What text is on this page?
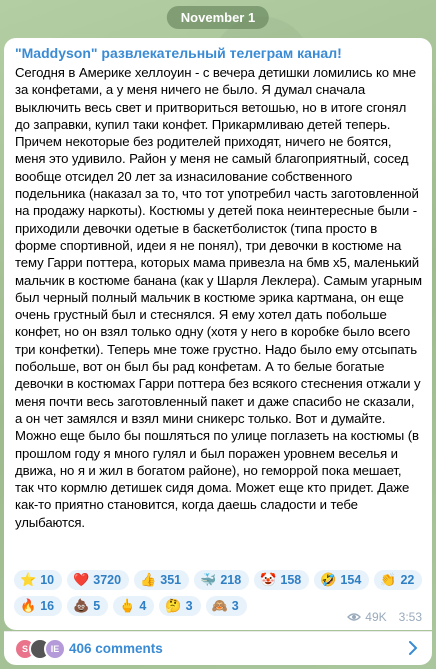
November 1
"Maddyson" развлекательный телеграм канал!
Сегодня в Америке хеллоуин - с вечера детишки ломились ко мне за конфетами, а у меня ничего не было. Я думал сначала выключить весь свет и притвориться ветошью, но в итоге сгонял до заправки, купил таки конфет. Прикармливаю детей теперь. Причем некоторые без родителей приходят, ничего не боятся, меня это удивило. Район у меня не самый благоприятный, сосед вообще отсидел 20 лет за изнасилование собственного подельника (наказал за то, что тот употребил часть заготовленной на продажу наркоты). Костюмы у детей пока неинтересные были - приходили девочки одетые в баскетболисток (типа просто в форме спортивной, идеи я не понял), три девочки в костюме на тему Гарри поттера, которых мама привезла на бмв х5, маленький мальчик в костюме банана (как у Шарля Леклера). Самым угарным был черный полный мальчик в костюме эрика картмана, он еще очень грустный был и стеснялся. Я ему хотел дать побольше конфет, но он взял только одну (хотя у него в коробке было всего три конфетки). Теперь мне тоже грустно. Надо было ему отсыпать побольше, вот он был бы рад конфетам. А то белые богатые девочки в костюмах Гарри поттера без всякого стеснения отжали у меня почти весь заготовленный пакет и даже спасибо не сказали, а он чет замялся и взял мини сникерс только. Вот и думайте. Можно еще было бы пошляться по улице поглазеть на костюмы (в прошлом году я много гулял и был поражен уровнем веселья и движа, но я и жил в богатом районе), но геморрой пока мешает, так что кормлю детишек сидя дома. Может еще кто придет. Даже как-то приятно становится, когда даешь сладости и тебе улыбаются.
⭐ 10 ❤️ 3720 👍 351 🐳 218 🤡 158 🤣 154 👏 22
🔥 16 💩 5 🖕 4 🤔 3 🙈 3
49K 3:53
S	IE 406 comments
